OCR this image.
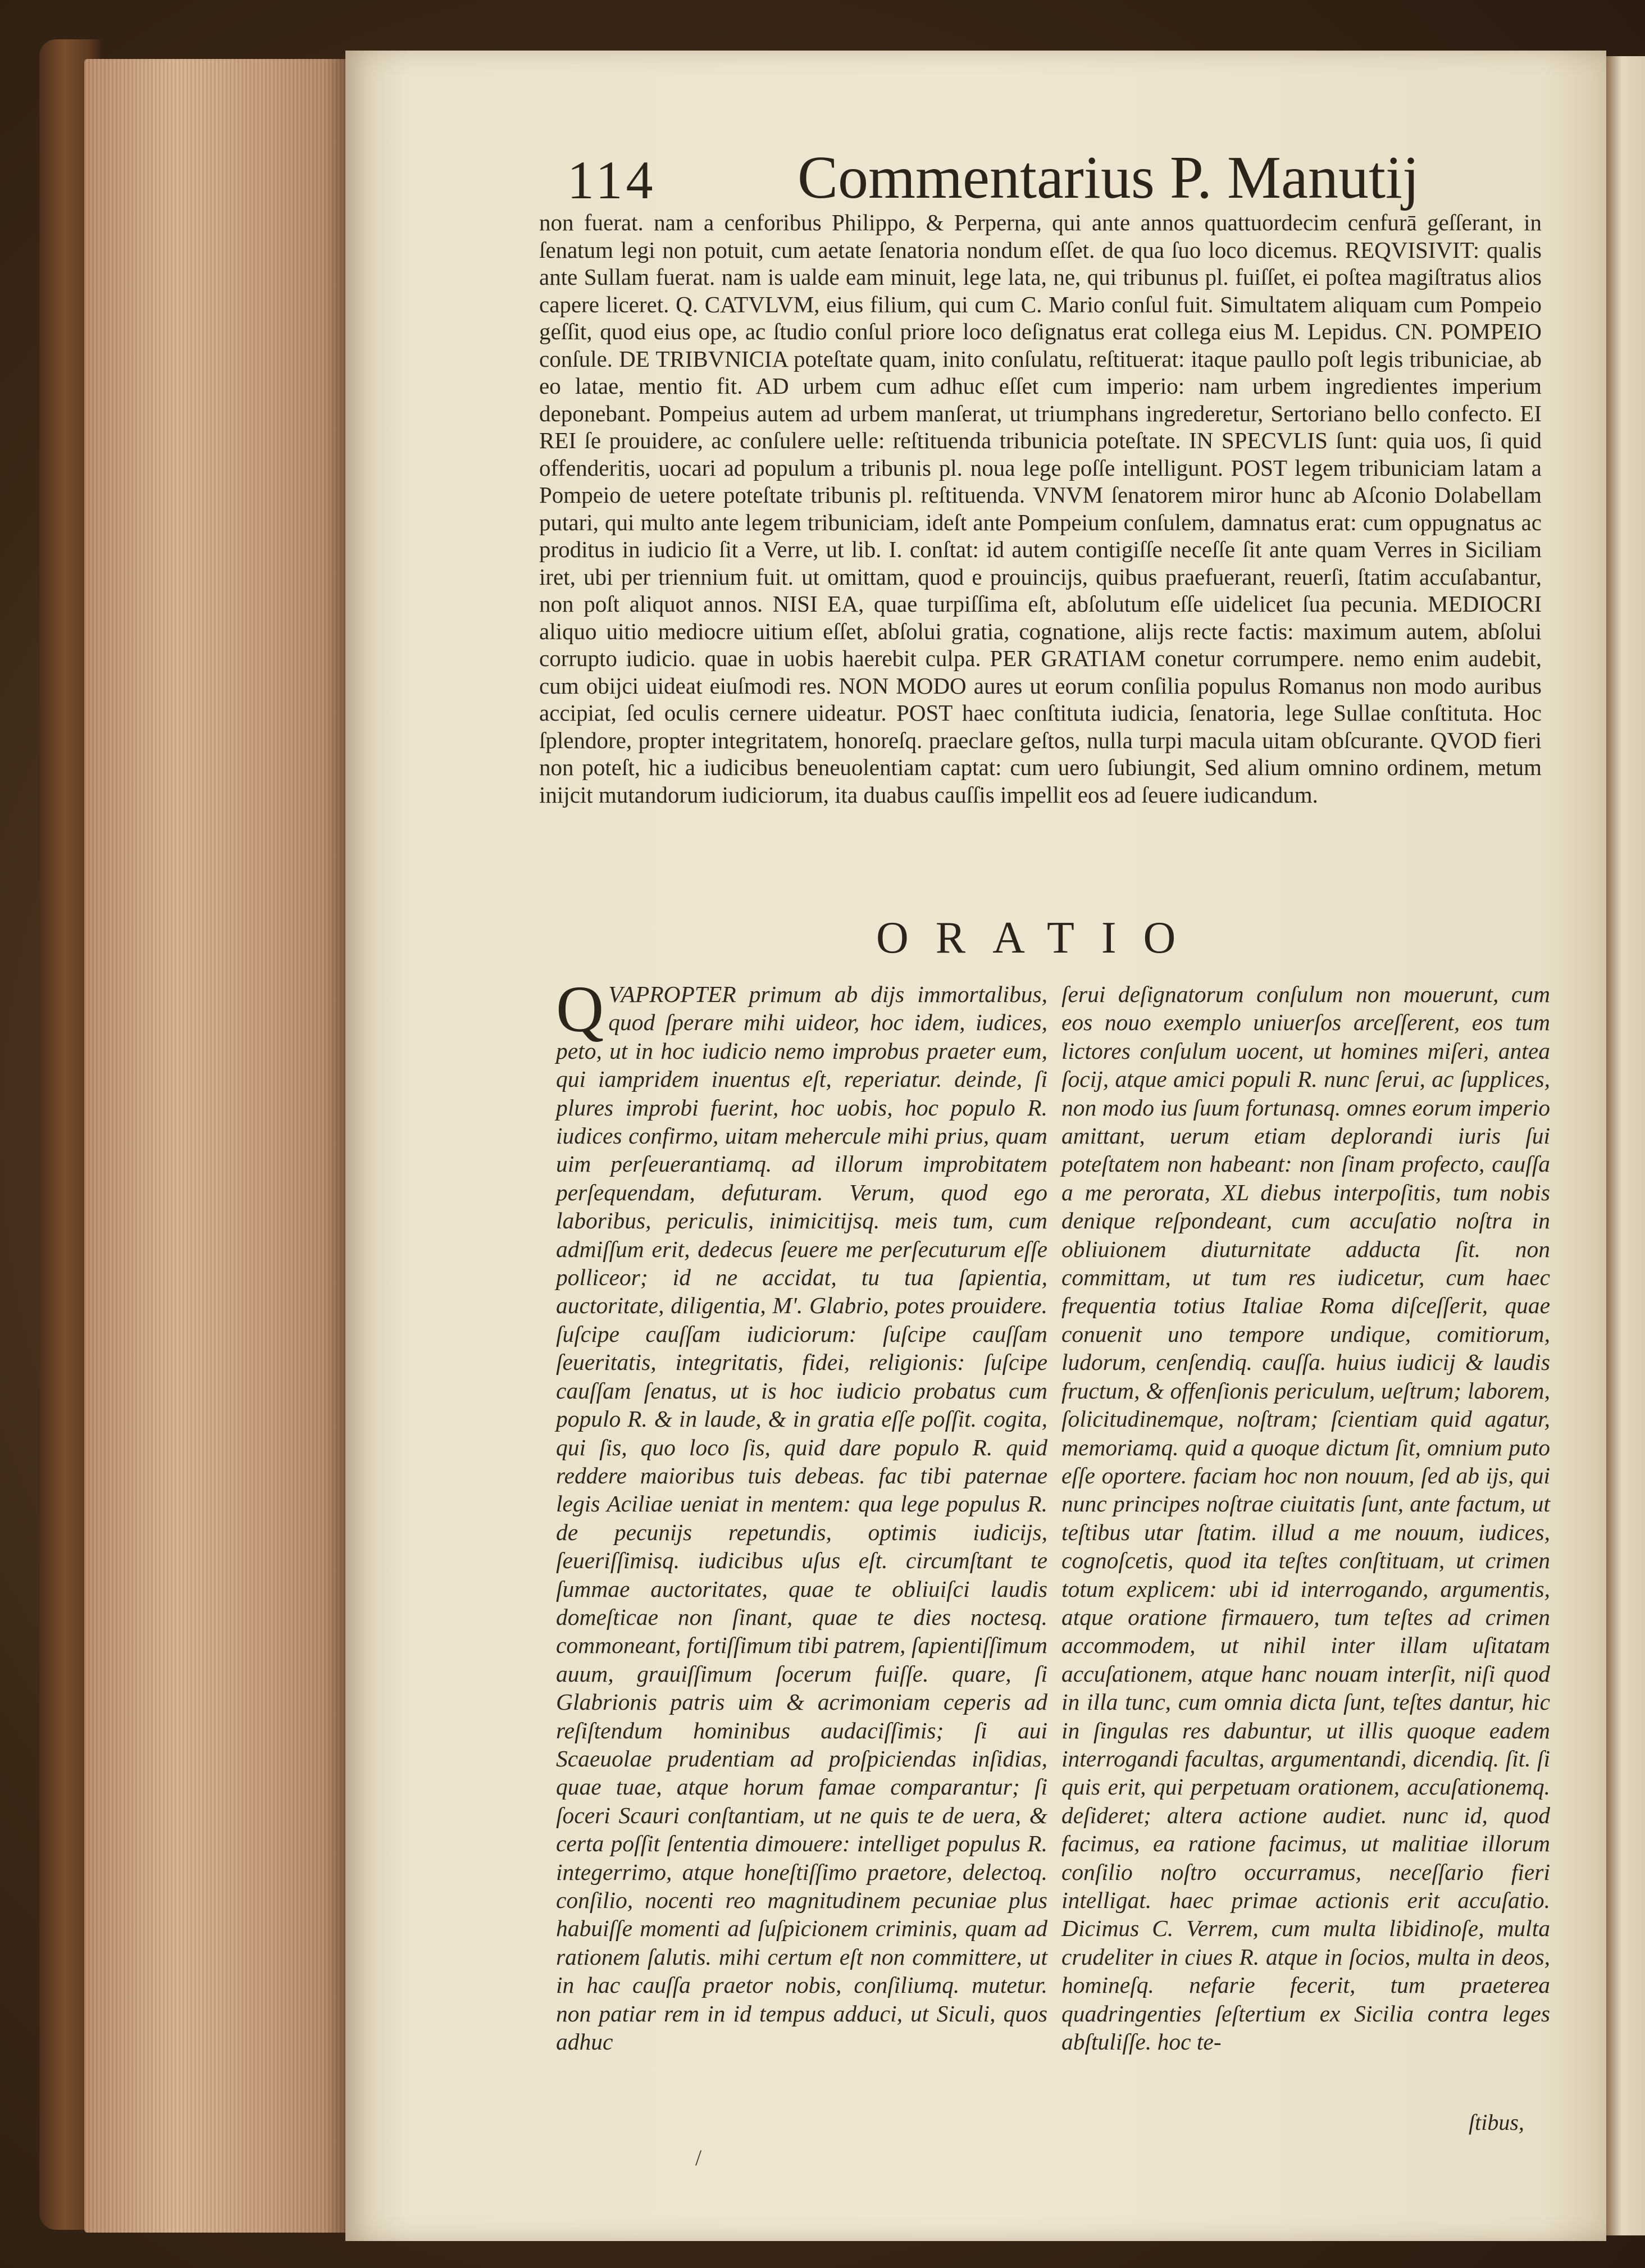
114 Commentarius P. Manutij

non fuerat. nam a cenforibus Philippo, & Perperna, qui ante annos quattuordecim cenfurā geſſerant, in ſenatum legi non potuit, cum aetate ſenatoria nondum eſſet. de qua ſuo loco dicemus. REQVISIVIT: qualis ante Sullam fuerat. nam is ualde eam minuit, lege lata, ne, qui tribunus pl. fuiſſet, ei poſtea magiſtratus alios capere liceret. Q. CATVLVM, eius filium, qui cum C. Mario conſul fuit. Simultatem aliquam cum Pompeio geſſit, quod eius ope, ac ſtudio conſul priore loco deſignatus erat collega eius M. Lepidus. CN. POMPEIO conſule. DE TRIBVNICIA poteſtate quam, inito conſulatu, reſtituerat: itaque paullo poſt legis tribuniciae, ab eo latae, mentio fit. AD urbem cum adhuc eſſet cum imperio: nam urbem ingredientes imperium deponebant. Pompeius autem ad urbem manſerat, ut triumphans ingrederetur, Sertoriano bello confecto. EI REI ſe prouidere, ac conſulere uelle: reſtituenda tribunicia poteſtate. IN SPECVLIS ſunt: quia uos, ſi quid offenderitis, uocari ad populum a tribunis pl. noua lege poſſe intelligunt. POST legem tribuniciam latam a Pompeio de uetere poteſtate tribunis pl. reſtituenda. VNVM ſenatorem miror hunc ab Aſconio Dolabellam putari, qui multo ante legem tribuniciam, ideſt ante Pompeium conſulem, damnatus erat: cum oppugnatus ac proditus in iudicio ſit a Verre, ut lib. I. conſtat: id autem contigiſſe neceſſe ſit ante quam Verres in Siciliam iret, ubi per triennium fuit. ut omittam, quod e prouincijs, quibus praefuerant, reuerſi, ſtatim accuſabantur, non poſt aliquot annos. NISI EA, quae turpiſſima eſt, abſolutum eſſe uidelicet ſua pecunia. MEDIOCRI aliquo uitio mediocre uitium eſſet, abſolui gratia, cognatione, alijs recte factis: maximum autem, abſolui corrupto iudicio. quae in uobis haerebit culpa. PER GRATIAM conetur corrumpere. nemo enim audebit, cum obijci uideat eiuſmodi res. NON MODO aures ut eorum conſilia populus Romanus non modo auribus accipiat, ſed oculis cernere uideatur. POST haec conſtituta iudicia, ſenatoria, lege Sullae conſtituta. Hoc ſplendore, propter integritatem, honoreſq. praeclare geſtos, nulla turpi macula uitam obſcurante. QVOD fieri non poteſt, hic a iudicibus beneuolentiam captat: cum uero ſubiungit, Sed alium omnino ordinem, metum inijcit mutandorum iudiciorum, ita duabus cauſſis impellit eos ad ſeuere iudicandum.

ORATIO
Q VAPROPTER primum ab dijs immortalibus, quod ſperare mihi uideor, hoc idem, iudices, peto, ut in hoc iudicio nemo improbus praeter eum, qui iampridem inuentus eſt, reperiatur. deinde, ſi plures improbi fuerint, hoc uobis, hoc populo R. iudices confirmo, uitam mehercule mihi prius, quam uim perſeuerantiamq. ad illorum improbitatem perſequendam, defuturam. Verum, quod ego laboribus, periculis, inimicitijsq. meis tum, cum admiſſum erit, dedecus ſeuere me perſecuturum eſſe polliceor; id ne accidat, tu tua ſapientia, auctoritate, diligentia, M'. Glabrio, potes prouidere. ſuſcipe cauſſam iudiciorum: ſuſcipe cauſſam ſeueritatis, integritatis, fidei, religionis: ſuſcipe cauſſam ſenatus, ut is hoc iudicio probatus cum populo R. & in laude, & in gratia eſſe poſſit. cogita, qui ſis, quo loco ſis, quid dare populo R. quid reddere maioribus tuis debeas. fac tibi paternae legis Aciliae ueniat in mentem: qua lege populus R. de pecunijs repetundis, optimis iudicijs, ſeueriſſimisq. iudicibus uſus eſt. circumſtant te ſummae auctoritates, quae te obliuiſci laudis domeſticae non ſinant, quae te dies noctesq. commoneant, fortiſſimum tibi patrem, ſapientiſſimum auum, grauiſſimum ſocerum fuiſſe. quare, ſi Glabrionis patris uim & acrimoniam ceperis ad reſiſtendum hominibus audaciſſimis; ſi aui Scaeuolae prudentiam ad proſpiciendas inſidias, quae tuae, atque horum famae comparantur; ſi ſoceri Scauri conſtantiam, ut ne quis te de uera, & certa poſſit ſententia dimouere: intelliget populus R. integerrimo, atque honeſtiſſimo praetore, delectoq. conſilio, nocenti reo magnitudinem pecuniae plus habuiſſe momenti ad ſuſpicionem criminis, quam ad rationem ſalutis. mihi certum eſt non committere, ut in hac cauſſa praetor nobis, conſiliumq. mutetur. non patiar rem in id tempus adduci, ut Siculi, quos adhuc

ſerui deſignatorum conſulum non mouerunt, cum eos nouo exemplo uniuerſos arceſſerent, eos tum lictores conſulum uocent, ut homines miſeri, antea ſocij, atque amici populi R. nunc ſerui, ac ſupplices, non modo ius ſuum fortunasq. omnes eorum imperio amittant, uerum etiam deplorandi iuris ſui poteſtatem non habeant: non ſinam profecto, cauſſa a me perorata, XL diebus interpoſitis, tum nobis denique reſpondeant, cum accuſatio noſtra in obliuionem diuturnitate adducta ſit. non committam, ut tum res iudicetur, cum haec frequentia totius Italiae Roma diſceſſerit, quae conuenit uno tempore undique, comitiorum, ludorum, cenſendiq. cauſſa. huius iudicij & laudis fructum, & offenſionis periculum, ueſtrum; laborem, ſolicitudinemque, noſtram; ſcientiam quid agatur, memoriamq. quid a quoque dictum ſit, omnium puto eſſe oportere. faciam hoc non nouum, ſed ab ijs, qui nunc principes noſtrae ciuitatis ſunt, ante factum, ut teſtibus utar ſtatim. illud a me nouum, iudices, cognoſcetis, quod ita teſtes conſtituam, ut crimen totum explicem: ubi id interrogando, argumentis, atque oratione firmauero, tum teſtes ad crimen accommodem, ut nihil inter illam uſitatam accuſationem, atque hanc nouam interſit, niſi quod in illa tunc, cum omnia dicta ſunt, teſtes dantur, hic in ſingulas res dabuntur, ut illis quoque eadem interrogandi facultas, argumentandi, dicendiq. ſit. ſi quis erit, qui perpetuam orationem, accuſationemq. deſideret; altera actione audiet. nunc id, quod facimus, ea ratione facimus, ut malitiae illorum conſilio noſtro occurramus, neceſſario fieri intelligat. haec primae actionis erit accuſatio. Dicimus C. Verrem, cum multa libidinoſe, multa crudeliter in ciues R. atque in ſocios, multa in deos, homineſq. nefarie fecerit, tum praeterea quadringenties ſeſtertium ex Sicilia contra leges abſtuliſſe. hoc te-

ſtibus,
/
